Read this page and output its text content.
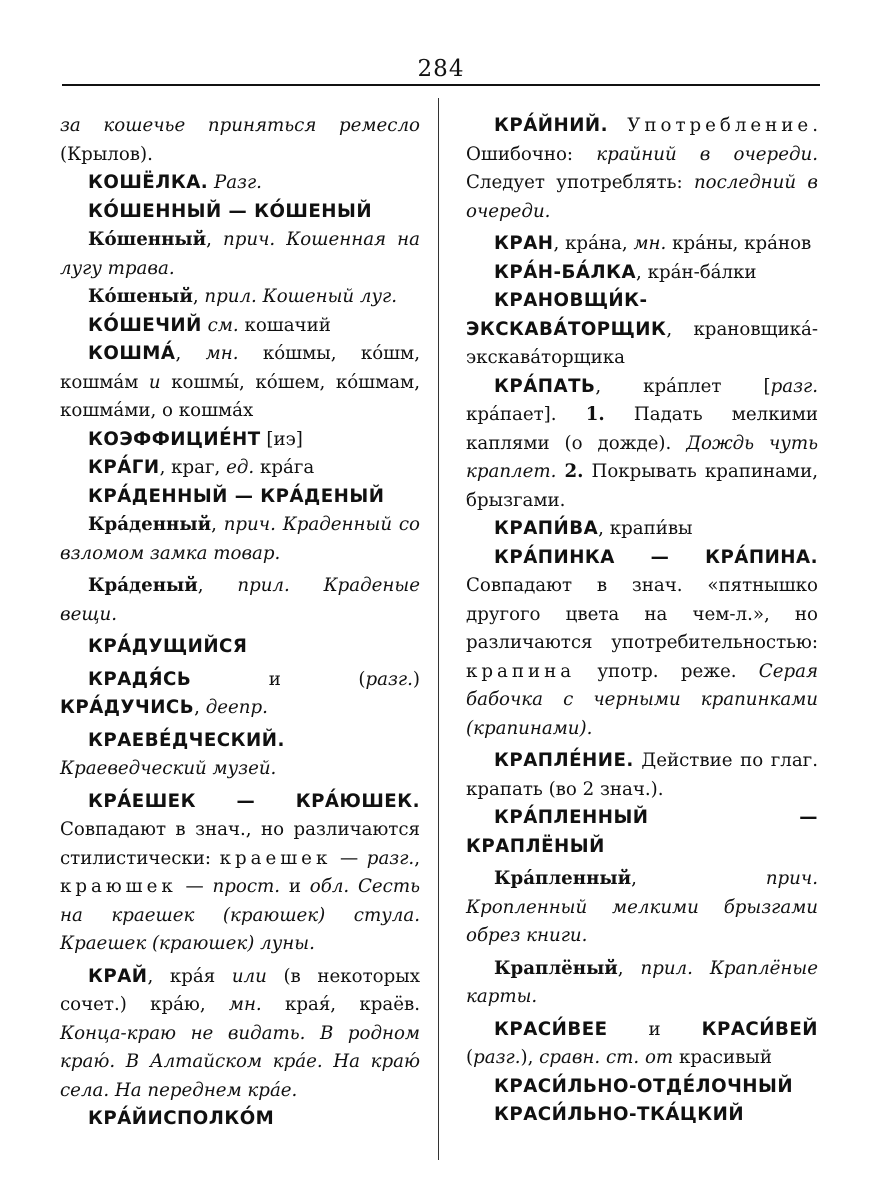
284

за кошечье приняться ремесло (Крылов).

КОШЁЛКА. Разг.

КО́ШЕННЫЙ — КО́ШЕНЫЙ

Ко́шенный, прич. Кошенная на лугу трава.

Ко́шеный, прил. Кошеный луг.

КО́ШЕЧИЙ см. кошачий

КОШМА́, мн. ко́шмы, ко́шм, кошма́м и кошмы́, ко́шем, ко́шмам, кошма́ми, о кошма́х

КОЭФФИЦИЕ́НТ [иэ]

КРА́ГИ, краг, ед. кра́га

КРА́ДЕННЫЙ — КРА́ДЕНЫЙ

Кра́денный, прич. Краденный со взломом замка товар.

Кра́деный, прил. Краденые вещи.

КРА́ДУЩИЙСЯ

КРАДЯ́СЬ и (разг.) КРА́ДУЧИСЬ, деепр.

КРАЕВЕ́ДЧЕСКИЙ. Краеведческий музей.

КРА́ЕШЕК — КРА́ЮШЕК. Совпадают в знач., но различаются стилистически: краешек — разг., краюшек — прост. и обл. Сесть на краешек (краюшек) стула. Краешек (краюшек) луны.

КРАЙ, кра́я или (в некоторых сочет.) кра́ю, мн. края́, краёв. Конца-краю не видать. В родном краю́. В Алтайском кра́е. На краю́ села. На переднем кра́е.

КРА́ЙИСПОЛКО́М

КРА́ЙНИЙ. Употребление. Ошибочно: крайний в очереди. Следует употреблять: последний в очереди.

КРАН, кра́на, мн. кра́ны, кра́нов

КРА́Н-БА́ЛКА, кра́н-ба́лки

КРАНОВЩИ́К-ЭКСКАВА́ТОРЩИК, крановщика́-экскава́торщика

КРА́ПАТЬ, кра́плет [разг. кра́пает]. 1. Падать мелкими каплями (о дожде). Дождь чуть краплет. 2. Покрывать крапинами, брызгами.

КРАПИ́ВА, крапи́вы

КРА́ПИНКА — КРА́ПИНА. Совпадают в знач. «пятнышко другого цвета на чем-л.», но различаются употребительностью: крапина употр. реже. Серая бабочка с черными крапинками (крапинами).

КРАПЛЕ́НИЕ. Действие по глаг. крапать (во 2 знач.).

КРА́ПЛЕННЫЙ — КРАПЛЁНЫЙ

Кра́пленный, прич. Кропленный мелкими брызгами обрез книги.

Краплёный, прил. Краплёные карты.

КРАСИ́ВЕЕ и КРАСИ́ВЕЙ (разг.), сравн. ст. от красивый

КРАСИ́ЛЬНО-ОТДЕ́ЛОЧНЫЙ

КРАСИ́ЛЬНО-ТКА́ЦКИЙ
